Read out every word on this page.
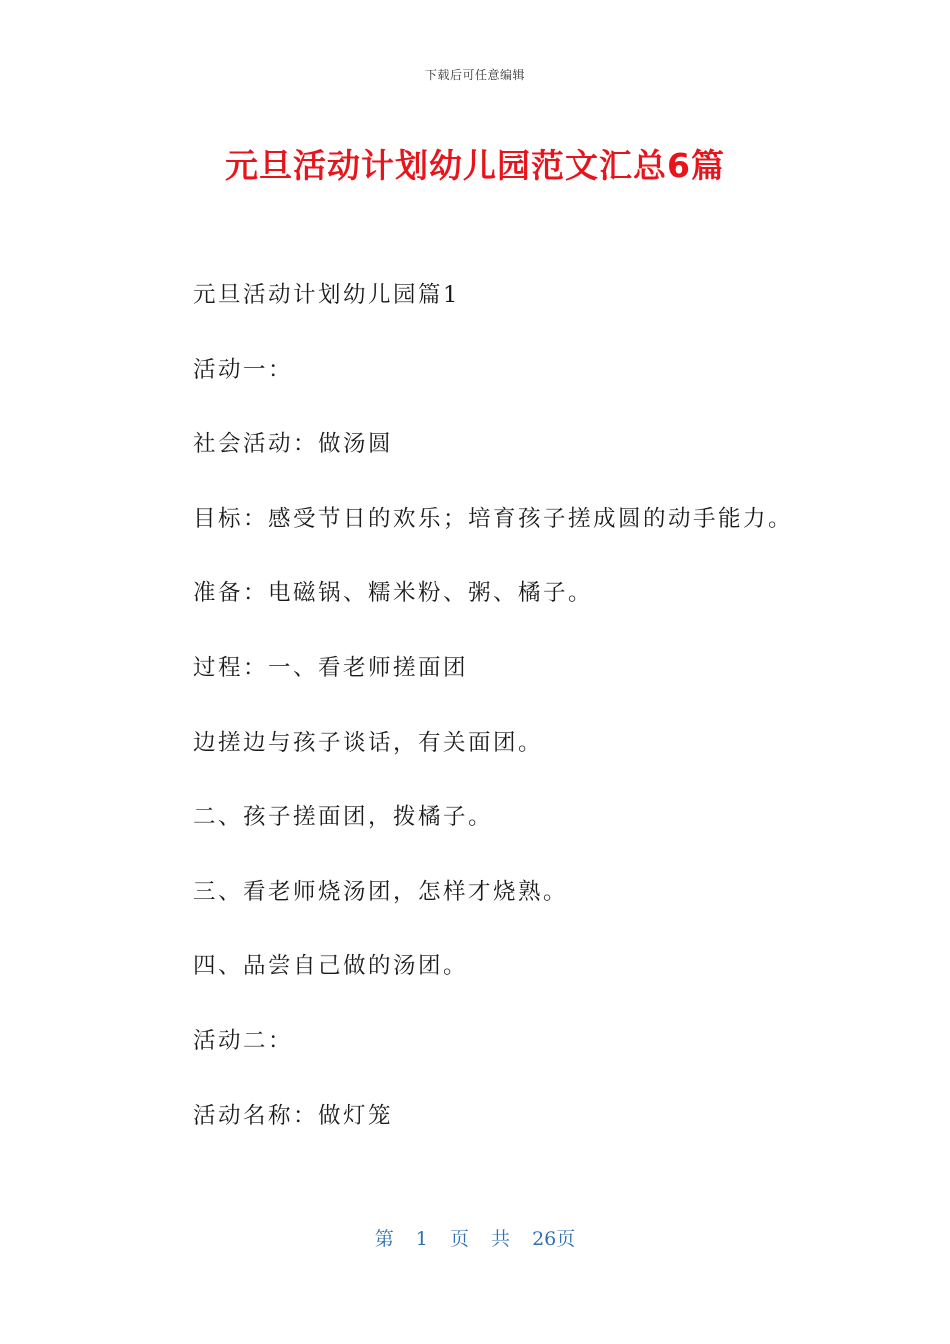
下载后可任意编辑
元旦活动计划幼儿园范文汇总6篇
元旦活动计划幼儿园篇1
活动一：
社会活动：做汤圆
目标：感受节日的欢乐；培育孩子搓成圆的动手能力。
准备：电磁锅、糯米粉、粥、橘子。
过程：一、看老师搓面团
边搓边与孩子谈话，有关面团。
二、孩子搓面团，拨橘子。
三、看老师烧汤团，怎样才烧熟。
四、品尝自己做的汤团。
活动二：
活动名称：做灯笼
第 1 页 共 26页
